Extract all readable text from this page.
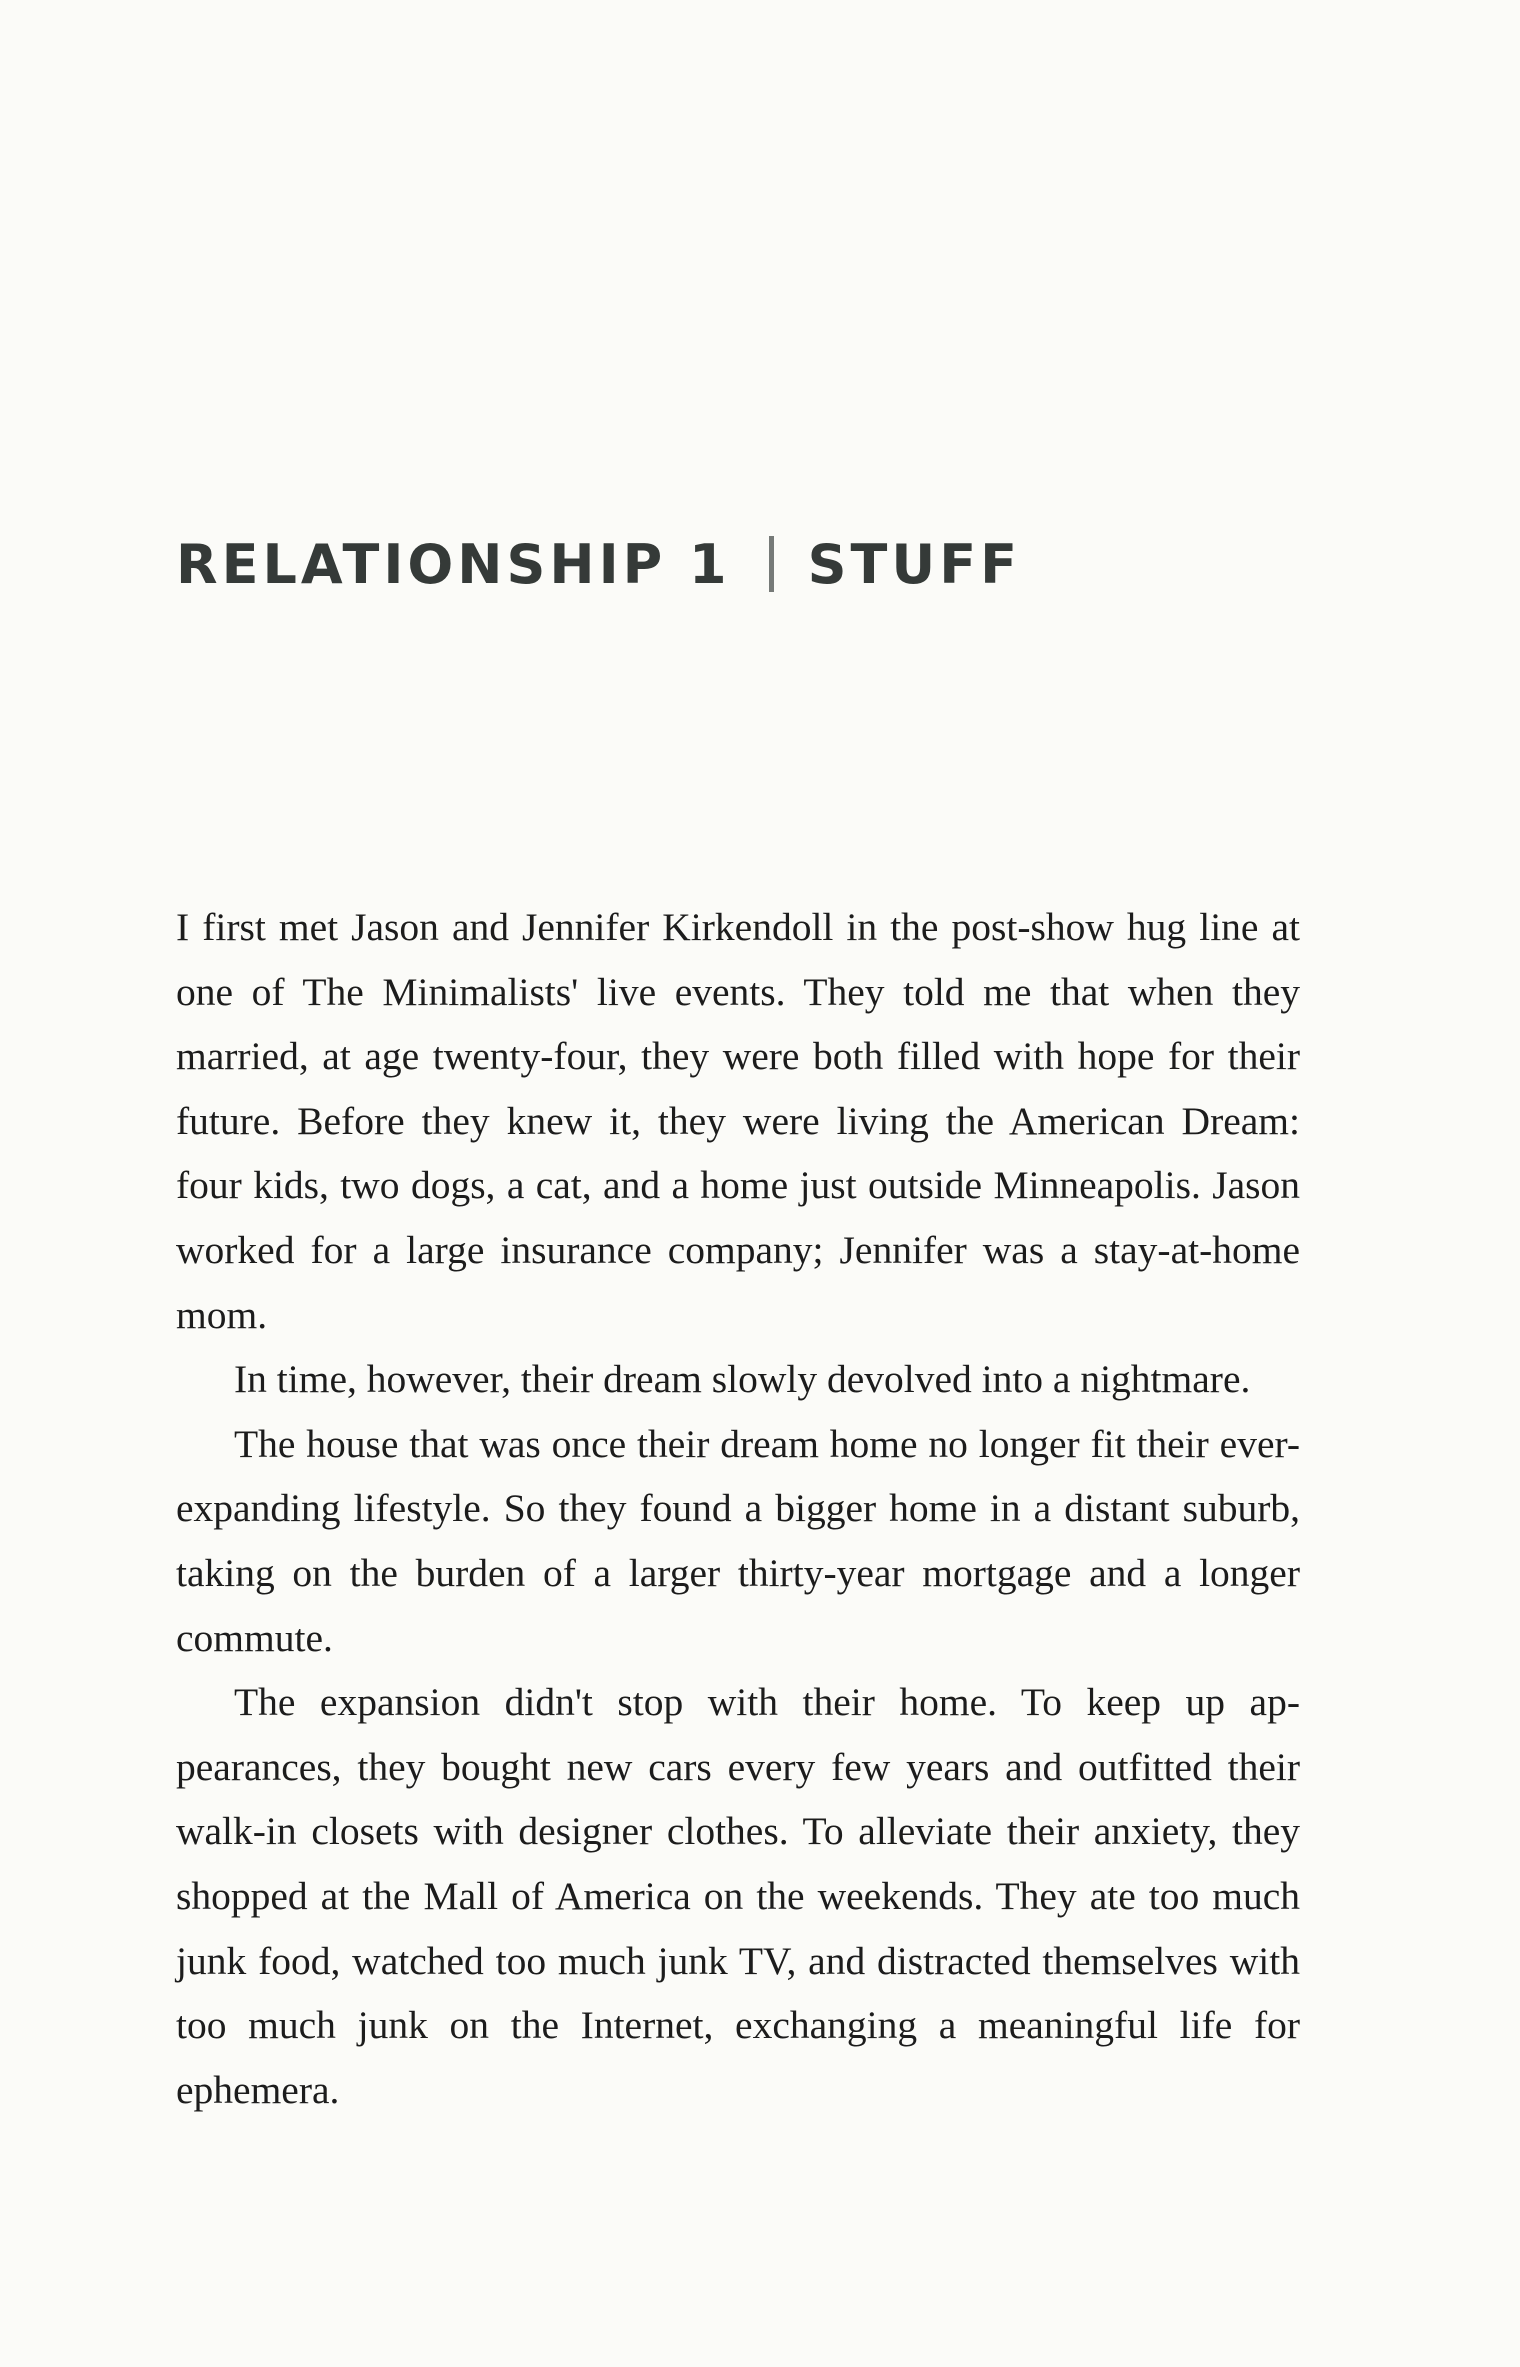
RELATIONSHIP 1 STUFF

I first met Jason and Jennifer Kirkendoll in the post-show hug line at one of The Minimalists' live events. They told me that when they married, at age twenty-four, they were both filled with hope for their future. Before they knew it, they were living the American Dream: four kids, two dogs, a cat, and a home just outside Minneapolis. Jason worked for a large insurance company; Jennifer was a stay-at-home mom.

In time, however, their dream slowly devolved into a nightmare.

The house that was once their dream home no longer fit their ever-expanding lifestyle. So they found a bigger home in a distant suburb, taking on the burden of a larger thirty-year mortgage and a longer commute.

The expansion didn't stop with their home. To keep up appearances, they bought new cars every few years and outfitted their walk-in closets with designer clothes. To alleviate their anxiety, they shopped at the Mall of America on the weekends. They ate too much junk food, watched too much junk TV, and distracted themselves with too much junk on the Internet, exchanging a meaningful life for ephemera.
